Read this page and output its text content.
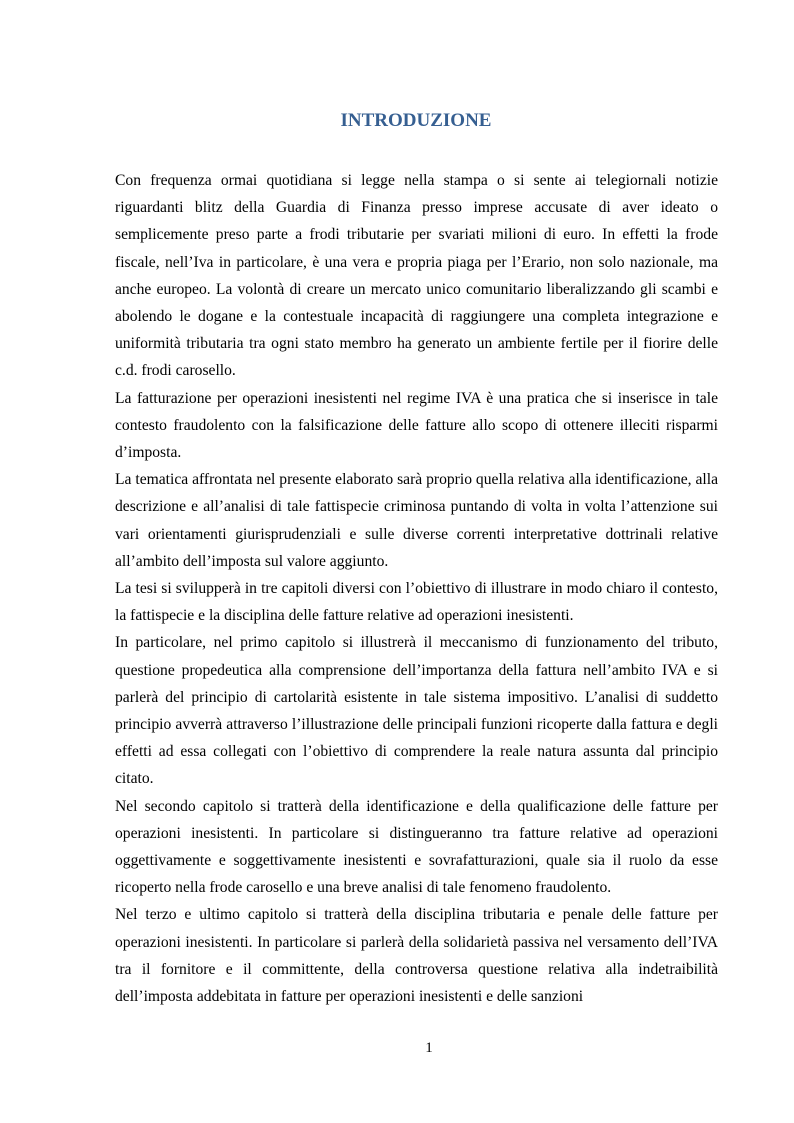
INTRODUZIONE

Con frequenza ormai quotidiana si legge nella stampa o si sente ai telegiornali notizie riguardanti blitz della Guardia di Finanza presso imprese accusate di aver ideato o semplicemente preso parte a frodi tributarie per svariati milioni di euro. In effetti la frode fiscale, nell’Iva in particolare, è una vera e propria piaga per l’Erario, non solo nazionale, ma anche europeo. La volontà di creare un mercato unico comunitario liberalizzando gli scambi e abolendo le dogane e la contestuale incapacità di raggiungere una completa integrazione e uniformità tributaria tra ogni stato membro ha generato un ambiente fertile per il fiorire delle c.d. frodi carosello.

La fatturazione per operazioni inesistenti nel regime IVA è una pratica che si inserisce in tale contesto fraudolento con la falsificazione delle fatture allo scopo di ottenere illeciti risparmi d’imposta.

La tematica affrontata nel presente elaborato sarà proprio quella relativa alla identificazione, alla descrizione e all’analisi di tale fattispecie criminosa puntando di volta in volta l’attenzione sui vari orientamenti giurisprudenziali e sulle diverse correnti interpretative dottrinali relative all’ambito dell’imposta sul valore aggiunto.

La tesi si svilupperà in tre capitoli diversi con l’obiettivo di illustrare in modo chiaro il contesto, la fattispecie e la disciplina delle fatture relative ad operazioni inesistenti.

In particolare, nel primo capitolo si illustrerà il meccanismo di funzionamento del tributo, questione propedeutica alla comprensione dell’importanza della fattura nell’ambito IVA e si parlerà del principio di cartolarità esistente in tale sistema impositivo. L’analisi di suddetto principio avverrà attraverso l’illustrazione delle principali funzioni ricoperte dalla fattura e degli effetti ad essa collegati con l’obiettivo di comprendere la reale natura assunta dal principio citato.

Nel secondo capitolo si tratterà della identificazione e della qualificazione delle fatture per operazioni inesistenti. In particolare si distingueranno tra fatture relative ad operazioni oggettivamente e soggettivamente inesistenti e sovrafatturazioni, quale sia il ruolo da esse ricoperto nella frode carosello e una breve analisi di tale fenomeno fraudolento.

Nel terzo e ultimo capitolo si tratterà della disciplina tributaria e penale delle fatture per operazioni inesistenti. In particolare si parlerà della solidarietà passiva nel versamento dell’IVA tra il fornitore e il committente, della controversa questione relativa alla indetraibilità dell’imposta addebitata in fatture per operazioni inesistenti e delle sanzioni

1
